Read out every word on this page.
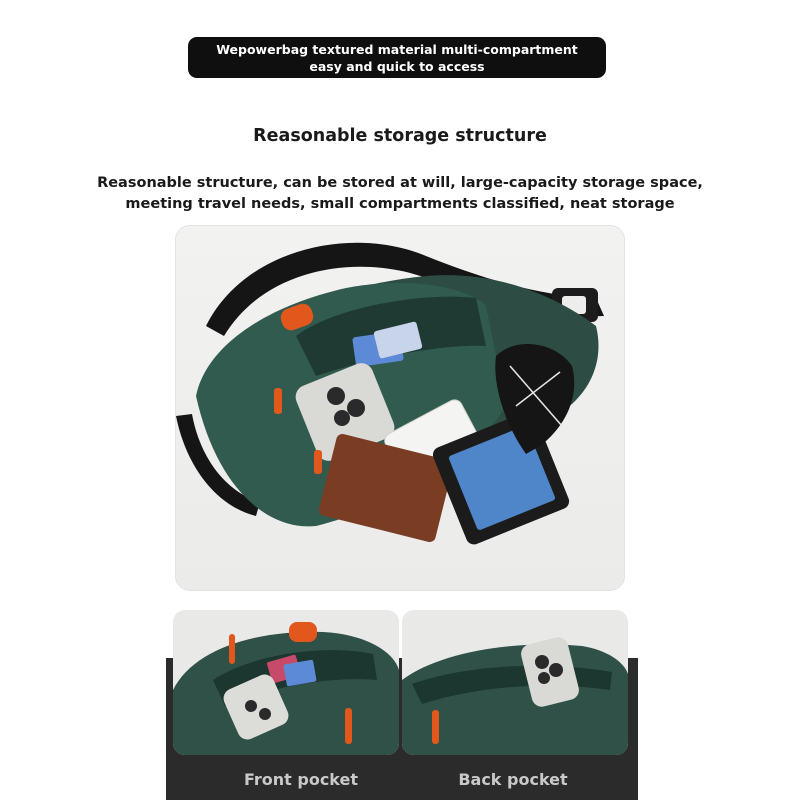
Wepowerbag textured material multi-compartment easy and quick to access
Reasonable storage structure
Reasonable structure, can be stored at will, large-capacity storage space, meeting travel needs, small compartments classified, neat storage
Front pocket	Back pocket
